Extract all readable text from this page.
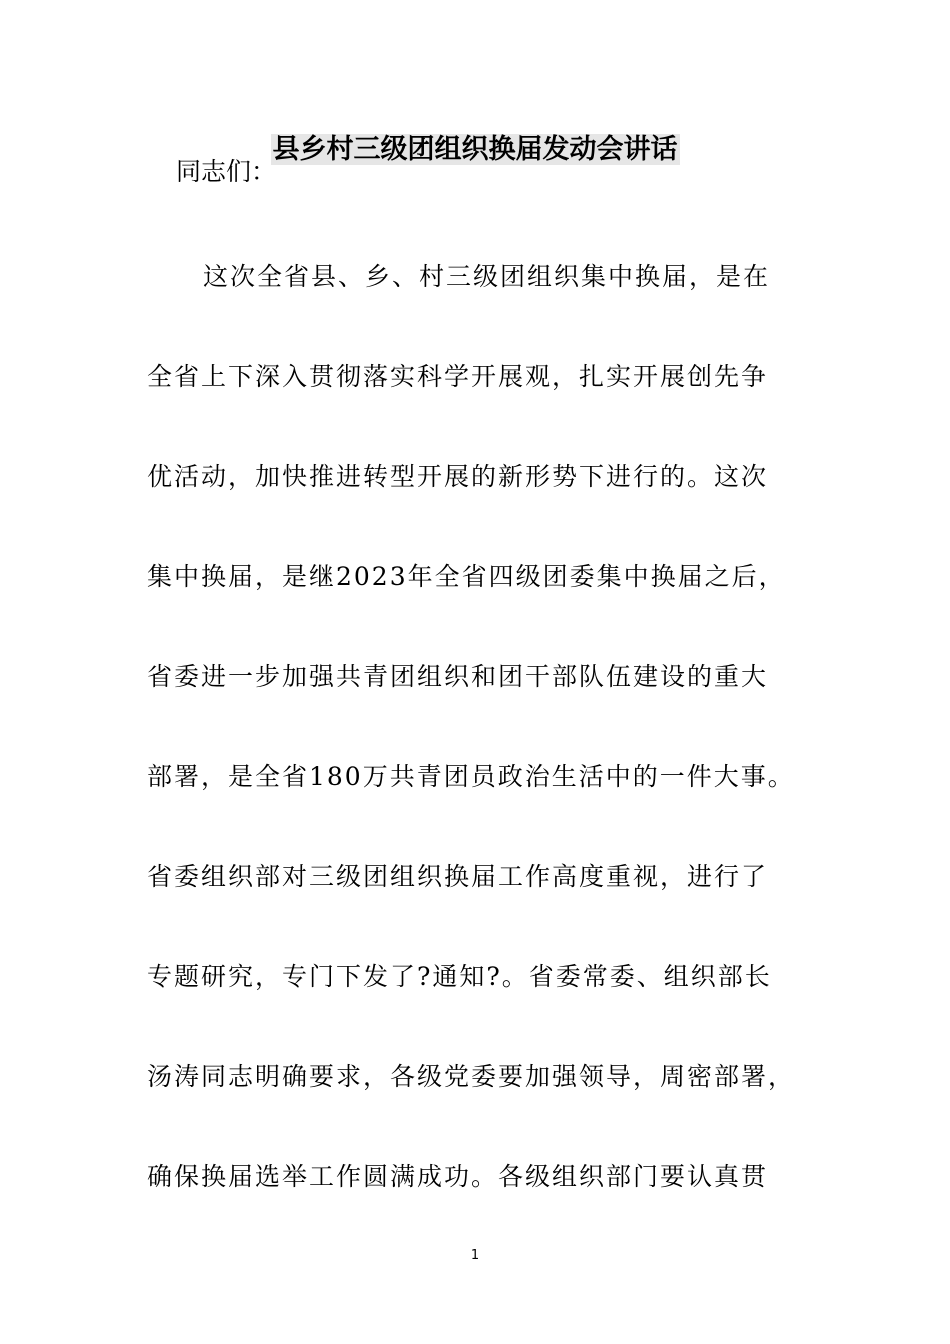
县乡村三级团组织换届发动会讲话
同志们：
这次全省县、乡、村三级团组织集中换届，是在
全省上下深入贯彻落实科学开展观，扎实开展创先争
优活动，加快推进转型开展的新形势下进行的。这次
集中换届，是继2023年全省四级团委集中换届之后，
省委进一步加强共青团组织和团干部队伍建设的重大
部署，是全省180万共青团员政治生活中的一件大事。
省委组织部对三级团组织换届工作高度重视，进行了
专题研究，专门下发了?通知?。省委常委、组织部长
汤涛同志明确要求，各级党委要加强领导，周密部署，
确保换届选举工作圆满成功。各级组织部门要认真贯
1
